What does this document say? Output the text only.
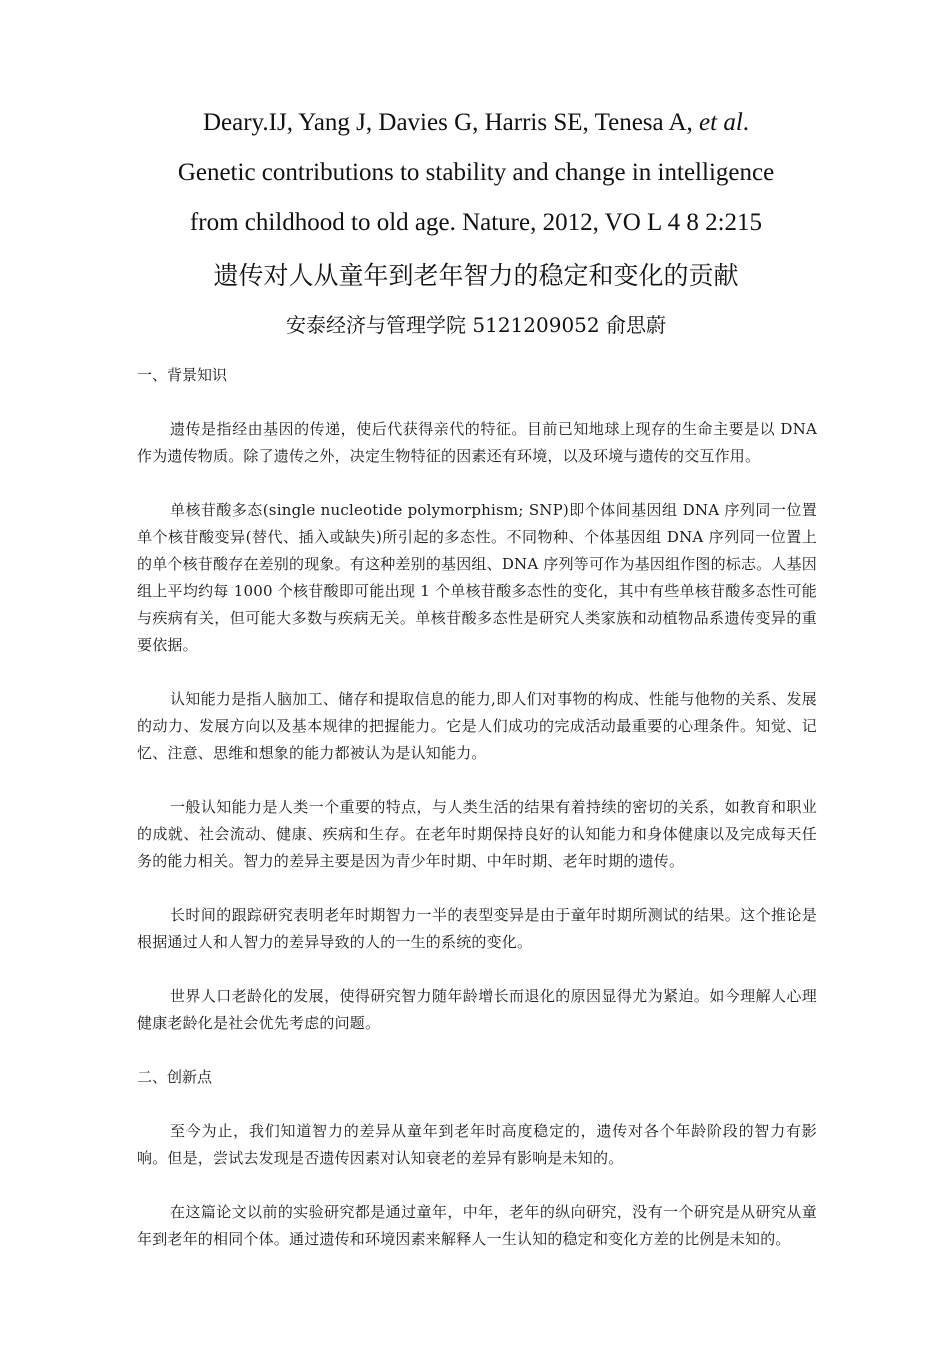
Deary.IJ, Yang J, Davies G, Harris SE, Tenesa A, et al.
Genetic contributions to stability and change in intelligence
from childhood to old age. Nature, 2012, VO L 4 8 2:215
遗传对人从童年到老年智力的稳定和变化的贡献
安泰经济与管理学院 5121209052 俞思蔚
一、背景知识

遗传是指经由基因的传递，使后代获得亲代的特征。目前已知地球上现存的生命主要是以 DNA 作为遗传物质。除了遗传之外，决定生物特征的因素还有环境，以及环境与遗传的交互作用。

单核苷酸多态(single nucleotide polymorphism; SNP)即个体间基因组 DNA 序列同一位置单个核苷酸变异(替代、插入或缺失)所引起的多态性。不同物种、个体基因组 DNA 序列同一位置上的单个核苷酸存在差别的现象。有这种差别的基因组、DNA 序列等可作为基因组作图的标志。人基因组上平均约每 1000 个核苷酸即可能出现 1 个单核苷酸多态性的变化，其中有些单核苷酸多态性可能与疾病有关，但可能大多数与疾病无关。单核苷酸多态性是研究人类家族和动植物品系遗传变异的重要依据。

认知能力是指人脑加工、储存和提取信息的能力,即人们对事物的构成、性能与他物的关系、发展的动力、发展方向以及基本规律的把握能力。它是人们成功的完成活动最重要的心理条件。知觉、记忆、注意、思维和想象的能力都被认为是认知能力。

一般认知能力是人类一个重要的特点，与人类生活的结果有着持续的密切的关系，如教育和职业的成就、社会流动、健康、疾病和生存。在老年时期保持良好的认知能力和身体健康以及完成每天任务的能力相关。智力的差异主要是因为青少年时期、中年时期、老年时期的遗传。

长时间的跟踪研究表明老年时期智力一半的表型变异是由于童年时期所测试的结果。这个推论是根据通过人和人智力的差异导致的人的一生的系统的变化。

世界人口老龄化的发展，使得研究智力随年龄增长而退化的原因显得尤为紧迫。如今理解人心理健康老龄化是社会优先考虑的问题。

二、创新点

至今为止，我们知道智力的差异从童年到老年时高度稳定的，遗传对各个年龄阶段的智力有影响。但是，尝试去发现是否遗传因素对认知衰老的差异有影响是未知的。

在这篇论文以前的实验研究都是通过童年，中年，老年的纵向研究，没有一个研究是从研究从童年到老年的相同个体。通过遗传和环境因素来解释人一生认知的稳定和变化方差的比例是未知的。
